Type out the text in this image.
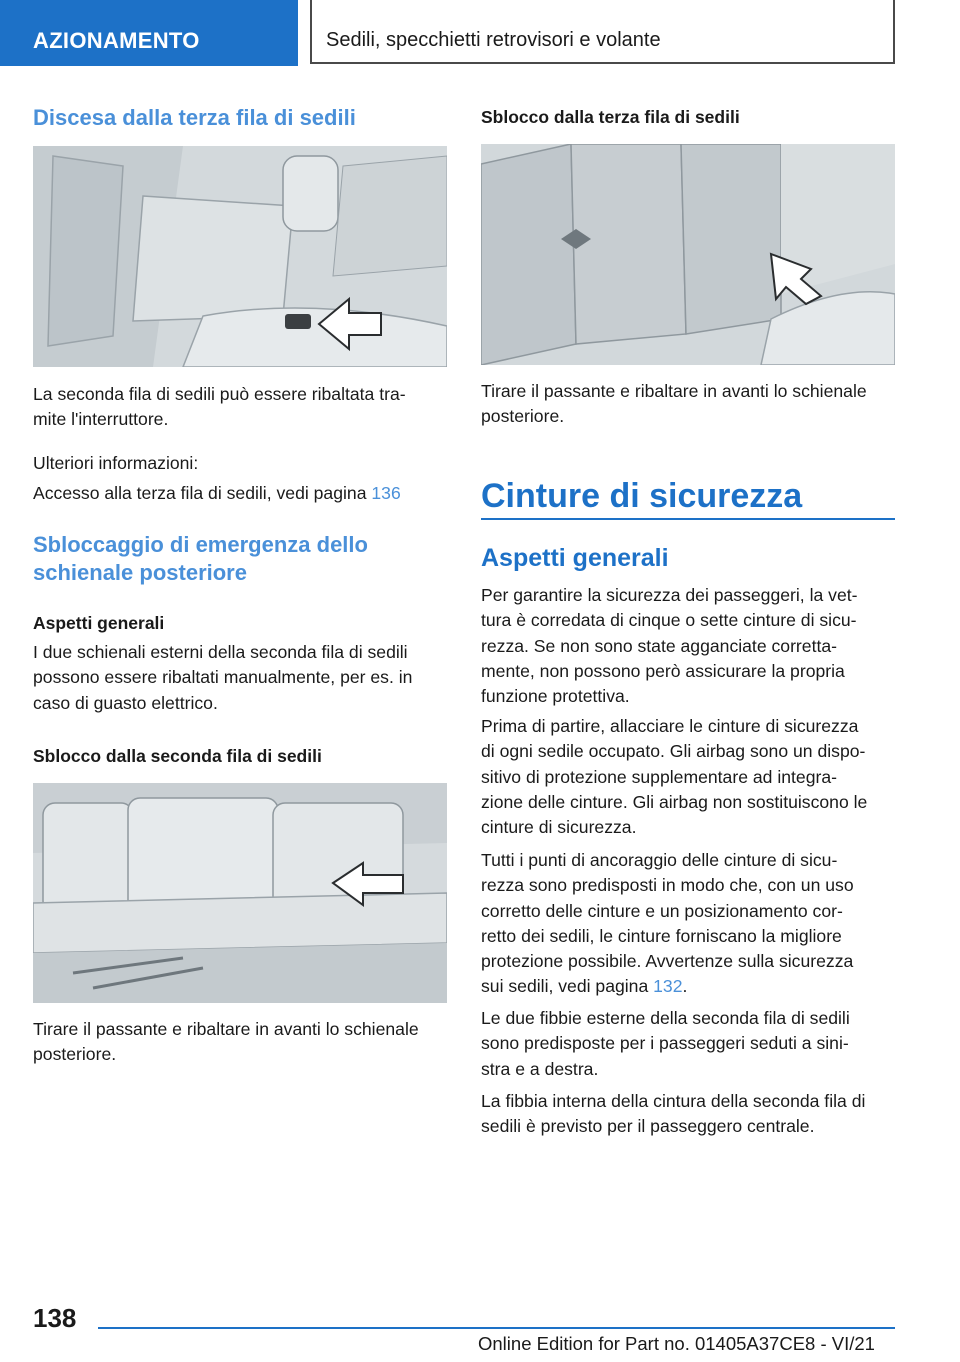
AZIONAMENTO	Sedili, specchietti retrovisori e volante
Discesa dalla terza fila di sedili
La seconda fila di sedili può essere ribaltata tra-
mite l'interruttore.
Ulteriori informazioni:
Accesso alla terza fila di sedili, vedi pagina 136
Sbloccaggio di emergenza dello
schienale posteriore
Aspetti generali
I due schienali esterni della seconda fila di sedili
possono essere ribaltati manualmente, per es. in
caso di guasto elettrico.
Sblocco dalla seconda fila di sedili
Tirare il passante e ribaltare in avanti lo schienale
posteriore.
Sblocco dalla terza fila di sedili
Tirare il passante e ribaltare in avanti lo schienale
posteriore.
Cinture di sicurezza
Aspetti generali
Per garantire la sicurezza dei passeggeri, la vet-
tura è corredata di cinque o sette cinture di sicu-
rezza. Se non sono state agganciate corretta-
mente, non possono però assicurare la propria
funzione protettiva.
Prima di partire, allacciare le cinture di sicurezza
di ogni sedile occupato. Gli airbag sono un dispo-
sitivo di protezione supplementare ad integra-
zione delle cinture. Gli airbag non sostituiscono le
cinture di sicurezza.
Tutti i punti di ancoraggio delle cinture di sicu-
rezza sono predisposti in modo che, con un uso
corretto delle cinture e un posizionamento cor-
retto dei sedili, le cinture forniscano la migliore
protezione possibile. Avvertenze sulla sicurezza
sui sedili, vedi pagina 132.
Le due fibbie esterne della seconda fila di sedili
sono predisposte per i passeggeri seduti a sini-
stra e a destra.
La fibbia interna della cintura della seconda fila di
sedili è previsto per il passeggero centrale.
138
Online Edition for Part no. 01405A37CE8 - VI/21
